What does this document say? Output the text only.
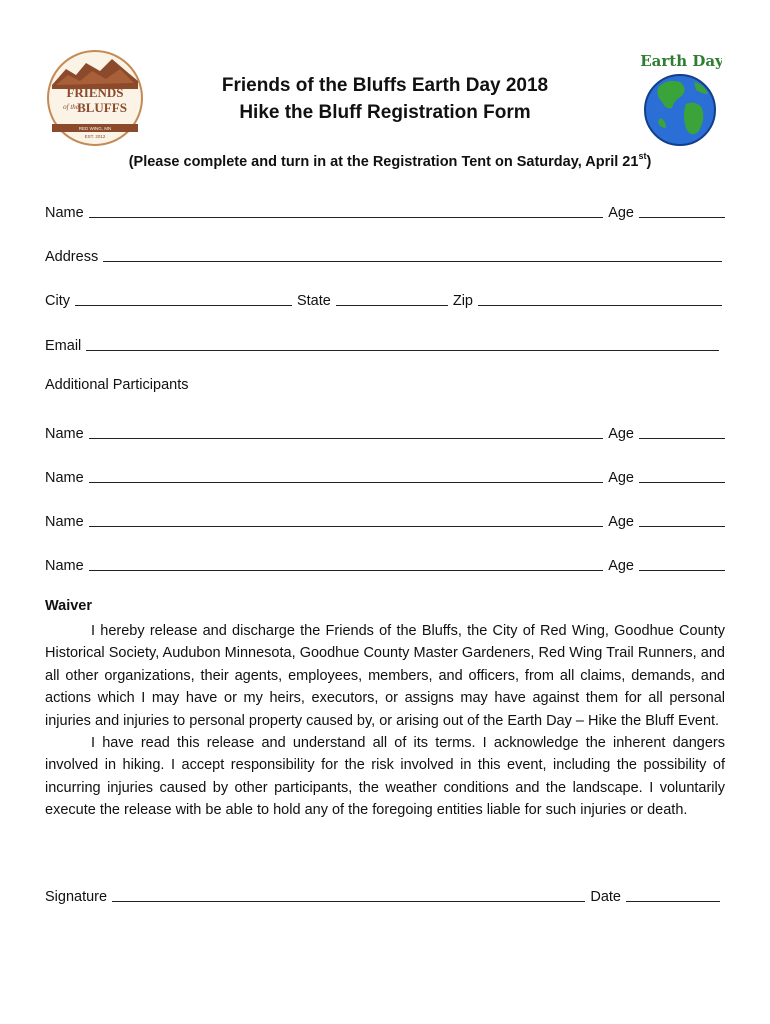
FRIENDS
of the
BLUFFS
RED WING, MN
EST. 2012
Earth Day
Friends of the Bluffs Earth Day 2018
Hike the Bluff Registration Form
(Please complete and turn in at the Registration Tent on Saturday, April 21st)
Name	Age
Address
City	State	Zip
Email
Additional Participants
Name	Age
Name	Age
Name	Age
Name	Age
Waiver

I hereby release and discharge the Friends of the Bluffs, the City of Red Wing, Goodhue County Historical Society, Audubon Minnesota, Goodhue County Master Gardeners, Red Wing Trail Runners, and all other organizations, their agents, employees, members, and officers, from all claims, demands, and actions which I may have or my heirs, executors, or assigns may have against them for all personal injuries and injuries to personal property caused by, or arising out of the Earth Day – Hike the Bluff Event.

I have read this release and understand all of its terms. I acknowledge the inherent dangers involved in hiking. I accept responsibility for the risk involved in this event, including the possibility of incurring injuries caused by other participants, the weather conditions and the landscape. I voluntarily execute the release with be able to hold any of the foregoing entities liable for such injuries or death.

Signature	Date
